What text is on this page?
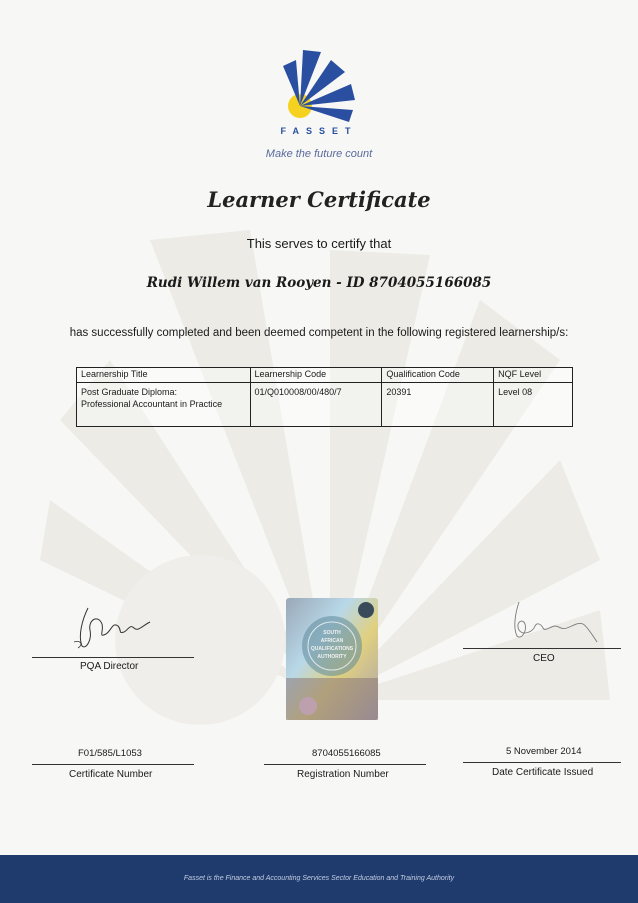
FASSET
Make the future count
Learner Certificate
This serves to certify that
Rudi Willem van Rooyen - ID 8704055166085
has successfully completed and been deemed competent in the following registered learnership/s:
Learnership Title	Learnership Code	Qualification Code	NQF Level

Post Graduate Diploma:
Professional Accountant in Practice	01/Q010008/00/480/7	20391	Level 08
PQA Director
CEO
SOUTH
AFRICAN
QUALIFICATIONS
AUTHORITY
F01/585/L1053
Certificate Number
8704055166085
Registration Number
5 November 2014
Date Certificate Issued
Fasset is the Finance and Accounting Services Sector Education and Training Authority
